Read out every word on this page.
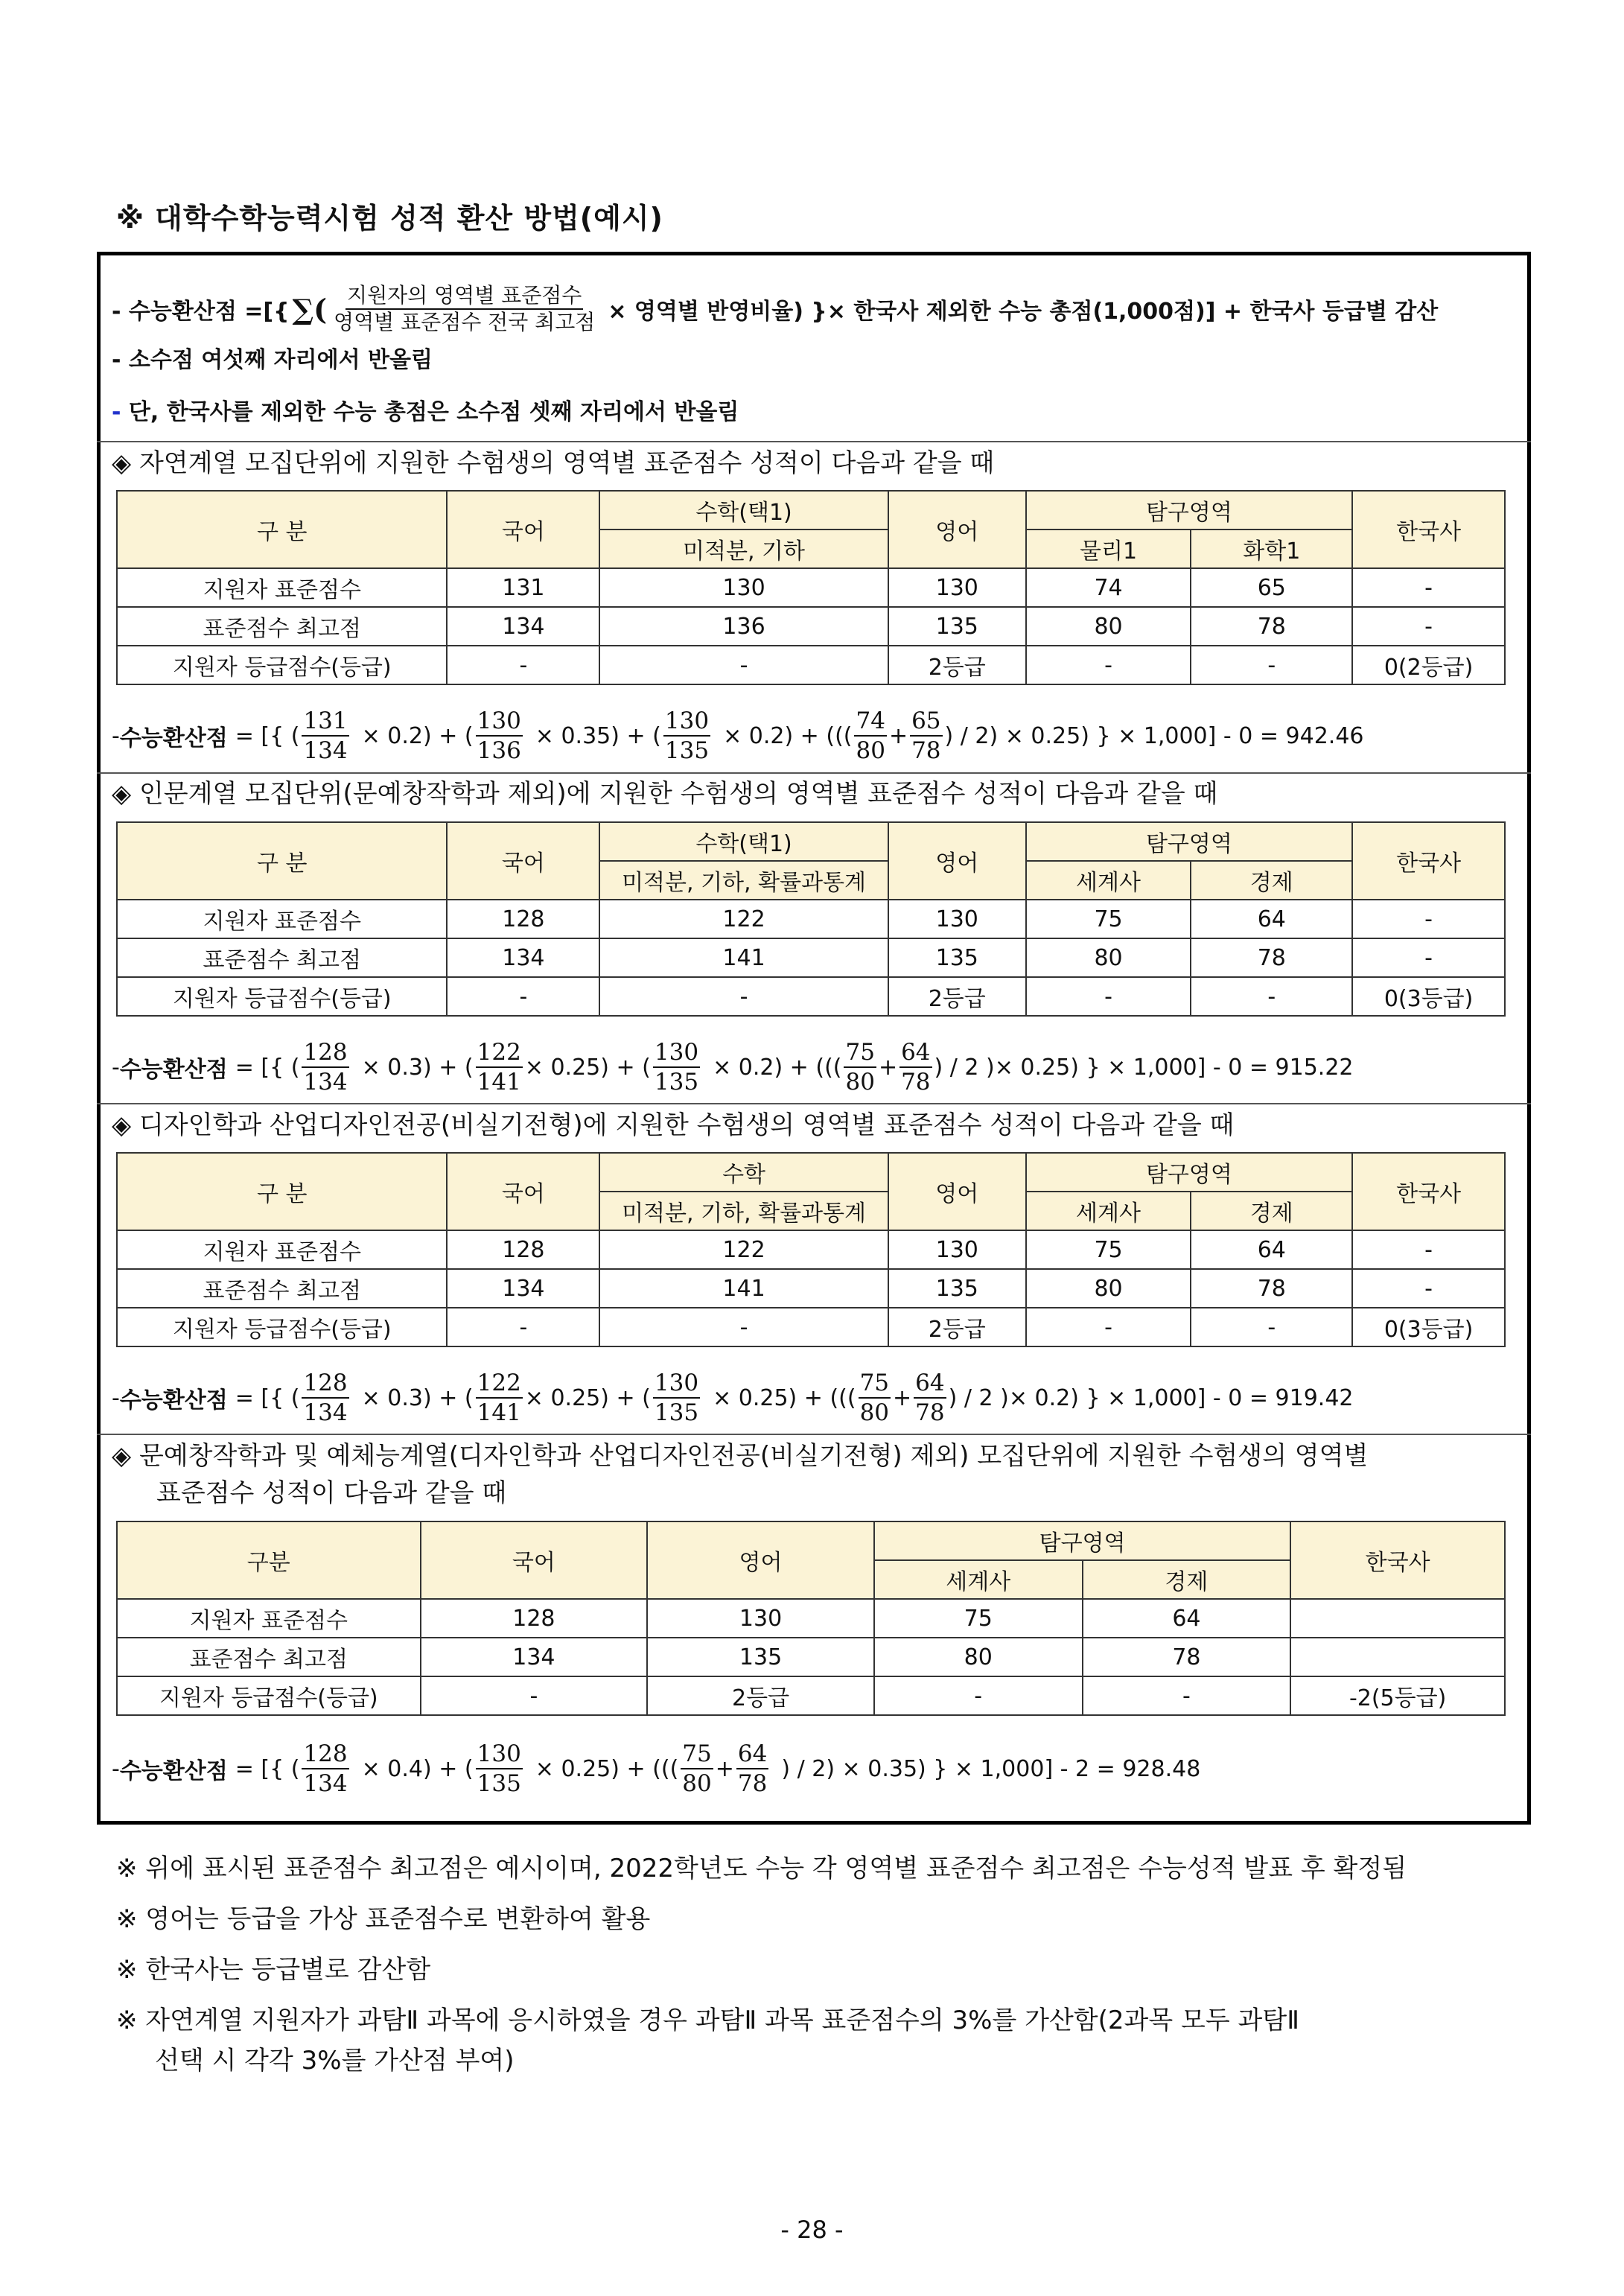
※ 대학수학능력시험 성적 환산 방법(예시)
- 수능환산점 =[{ ∑( $\frac{\text{지원자의 영역별 표준점수}}{\text{영역별 표준점수 전국 최고점}}$ × 영역별 반영비율) }× 한국사 제외한 수능 총점(1,000점)] + 한국사 등급별 감산
- 소수점 여섯째 자리에서 반올림
- 단, 한국사를 제외한 수능 총점은 소수점 셋째 자리에서 반올림
◈ 자연계열 모집단위에 지원한 수험생의 영역별 표준점수 성적이 다음과 같을 때
구 분	국어	수학(택1)	영어	탐구영역		한국사
		미적분, 기하		물리1	화학1	
지원자 표준점수	131	130	130	74	65	-
표준점수 최고점	134	136	135	80	78	-
지원자 등급점수(등급)	-	-	2등급	-	-	0(2등급)
- 수능환산점 = [{ ( $\frac{131}{134} \times 0.2$) + ( $\frac{130}{136} \times 0.35$) + ( $\frac{130}{135} \times 0.2$) + ((( $\frac{74}{80} + \frac{65}{78}$ ) / 2) × 0.25) } × 1,000] - 0 = 942.46
◈ 인문계열 모집단위(문예창작학과 제외)에 지원한 수험생의 영역별 표준점수 성적이 다음과 같을 때
구 분	국어	수학(택1)	영어	탐구영역		한국사
		미적분, 기하, 확률과통계		세계사	경제	
지원자 표준점수	128	122	130	75	64	-
표준점수 최고점	134	141	135	80	78	-
지원자 등급점수(등급)	-	-	2등급	-	-	0(3등급)
- 수능환산점 = [{ ( $\frac{128}{134} \times 0.3$) + ( $\frac{122}{141} \times 0.25$) + ( $\frac{130}{135} \times 0.2$) + ((( $\frac{75}{80} + \frac{64}{78}$ ) / 2 )× 0.25) } × 1,000] - 0 = 915.22
◈ 디자인학과 산업디자인전공(비실기전형)에 지원한 수험생의 영역별 표준점수 성적이 다음과 같을 때
구 분	국어	수학	영어	탐구영역		한국사
		미적분, 기하, 확률과통계		세계사	경제	
지원자 표준점수	128	122	130	75	64	-
표준점수 최고점	134	141	135	80	78	-
지원자 등급점수(등급)	-	-	2등급	-	-	0(3등급)
- 수능환산점 = [{ ( $\frac{128}{134} \times 0.3$) + ( $\frac{122}{141} \times 0.25$) + ( $\frac{130}{135} \times 0.25$) + ((( $\frac{75}{80} + \frac{64}{78}$ ) / 2 )× 0.2) } × 1,000] - 0 = 919.42
◈ 문예창작학과 및 예체능계열(디자인학과 산업디자인전공(비실기전형) 제외) 모집단위에 지원한 수험생의 영역별
표준점수 성적이 다음과 같을 때
구분	국어	영어	탐구영역		한국사
			세계사	경제	
지원자 표준점수	128	130	75	64	
표준점수 최고점	134	135	80	78	
지원자 등급점수(등급)	-	2등급	-	-	-2(5등급)
- 수능환산점 = [{ ( $\frac{128}{134} \times 0.4$) + ( $\frac{130}{135} \times 0.25$) + ((( $\frac{75}{80} + \frac{64}{78}$ ) / 2) × 0.35) } × 1,000] - 2 = 928.48
※ 위에 표시된 표준점수 최고점은 예시이며, 2022학년도 수능 각 영역별 표준점수 최고점은 수능성적 발표 후 확정됨
※ 영어는 등급을 가상 표준점수로 변환하여 활용
※ 한국사는 등급별로 감산함
※ 자연계열 지원자가 과탐Ⅱ 과목에 응시하였을 경우 과탐Ⅱ 과목 표준점수의 3%를 가산함(2과목 모두 과탐Ⅱ
선택 시 각각 3%를 가산점 부여)
- 28 -
